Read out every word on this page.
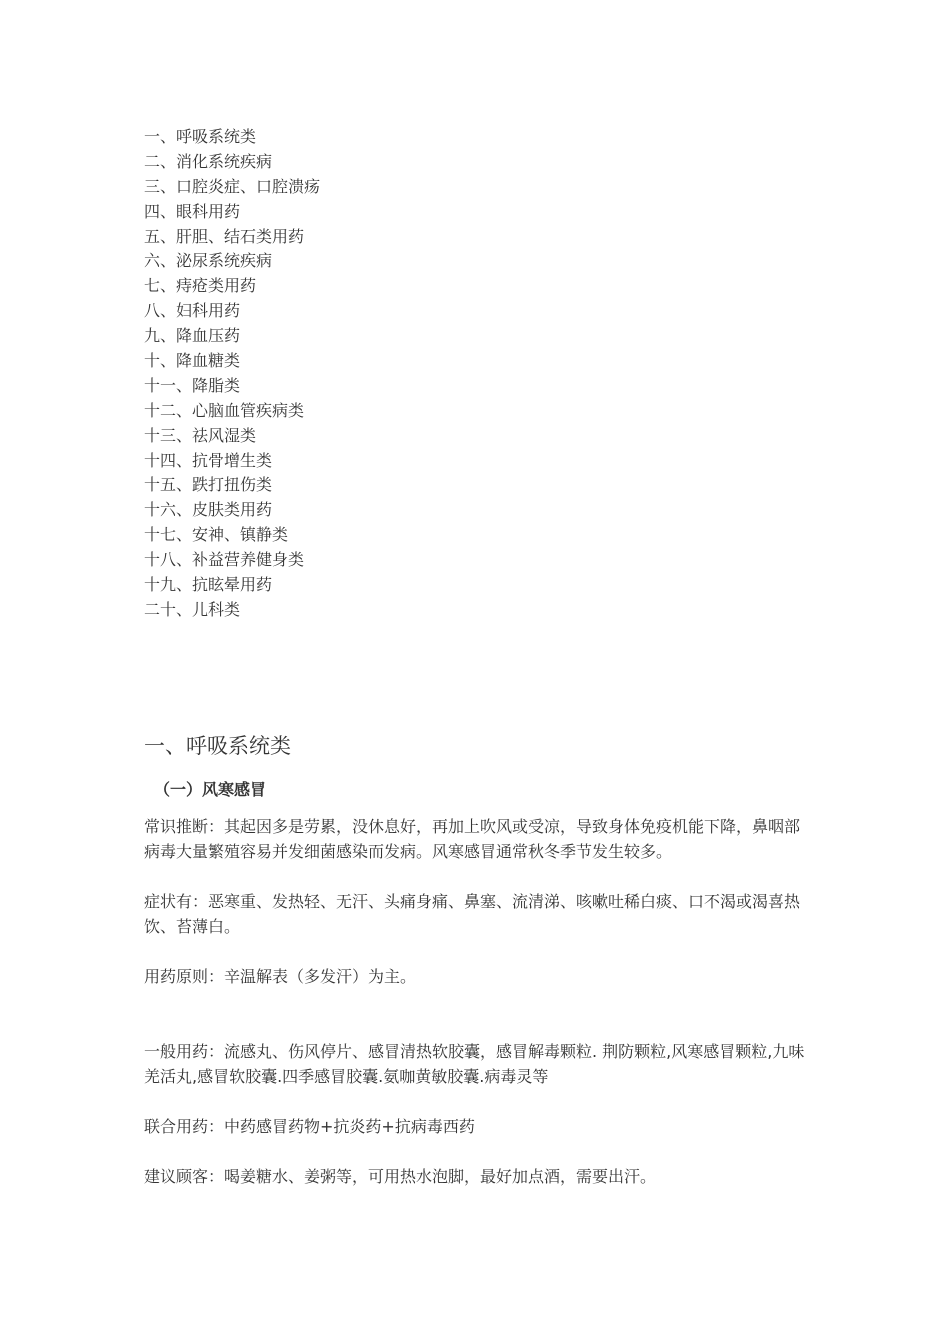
一、呼吸系统类
二、消化系统疾病
三、口腔炎症、口腔溃疡
四、眼科用药
五、肝胆、结石类用药
六、泌尿系统疾病
七、痔疮类用药
八、妇科用药
九、降血压药
十、降血糖类
十一、降脂类
十二、心脑血管疾病类
十三、祛风湿类
十四、抗骨增生类
十五、跌打扭伤类
十六、皮肤类用药
十七、安神、镇静类
十八、补益营养健身类
十九、抗眩晕用药
二十、儿科类
一、呼吸系统类
（一）风寒感冒

常识推断：其起因多是劳累，没休息好，再加上吹风或受凉，导致身体免疫机能下降，鼻咽部病毒大量繁殖容易并发细菌感染而发病。风寒感冒通常秋冬季节发生较多。

症状有：恶寒重、发热轻、无汗、头痛身痛、鼻塞、流清涕、咳嗽吐稀白痰、口不渴或渴喜热饮、苔薄白。

用药原则：辛温解表（多发汗）为主。

一般用药：流感丸、伤风停片、感冒清热软胶囊，感冒解毒颗粒. 荆防颗粒,风寒感冒颗粒,九味羌活丸,感冒软胶囊.四季感冒胶囊.氨咖黄敏胶囊.病毒灵等

联合用药：中药感冒药物+抗炎药+抗病毒西药

建议顾客：喝姜糖水、姜粥等，可用热水泡脚，最好加点酒，需要出汗。
